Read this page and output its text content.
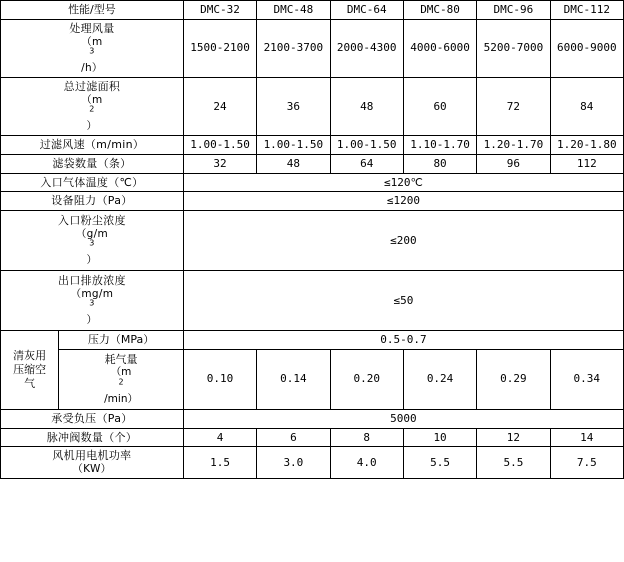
性能/型号		DMC-32	DMC-48	DMC-64	DMC-80	DMC-96	DMC-112

处理风量
（m
$^3$
/h）		1500-2100	2100-3700	2000-4300	4000-6000	5200-7000	6000-9000

总过滤面积
（m
$^2$
）		24	36	48	60	72	84
过滤风速（m/min）		1.00-1.50	1.00-1.50	1.00-1.50	1.10-1.70	1.20-1.70	1.20-1.80
滤袋数量（条）		32	48	64	80	96	112
入口气体温度（℃）		≤120℃					
设备阻力（Pa）		≤1200					

入口粉尘浓度
（g/m
$^3$
）		≤200					

出口排放浓度
（mg/m
$^3$
）		≤50					

清灰用
压缩空
气	压力（MPa）	0.5-0.7					

	耗气量
（m
$^2$
/min）	0.10	0.14	0.20	0.24	0.29	0.34
承受负压（Pa）		5000					
脉冲阀数量（个）		4	6	8	10	12	14

风机用电机功率
（KW）		1.5	3.0	4.0	5.5	5.5	7.5
